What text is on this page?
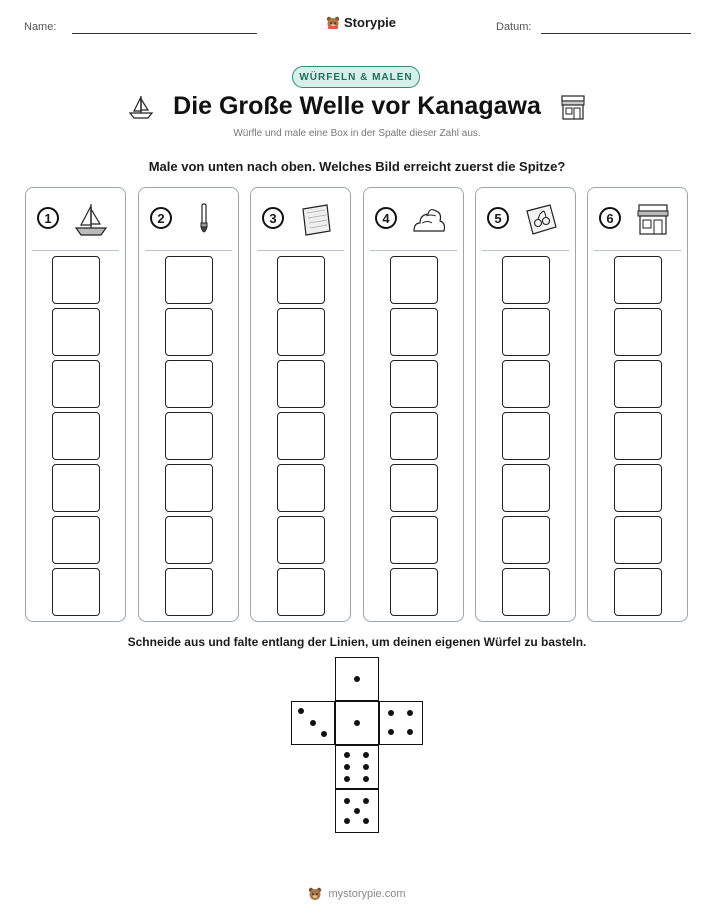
Name:	Storypie	Datum:
WÜRFELN & MALEN
Die Große Welle vor Kanagawa
Würfle und male eine Box in der Spalte dieser Zahl aus.
Male von unten nach oben. Welches Bild erreicht zuerst die Spitze?
1	2	3	4	5	6
Schneide aus und falte entlang der Linien, um deinen eigenen Würfel zu basteln.
mystorypie.com
